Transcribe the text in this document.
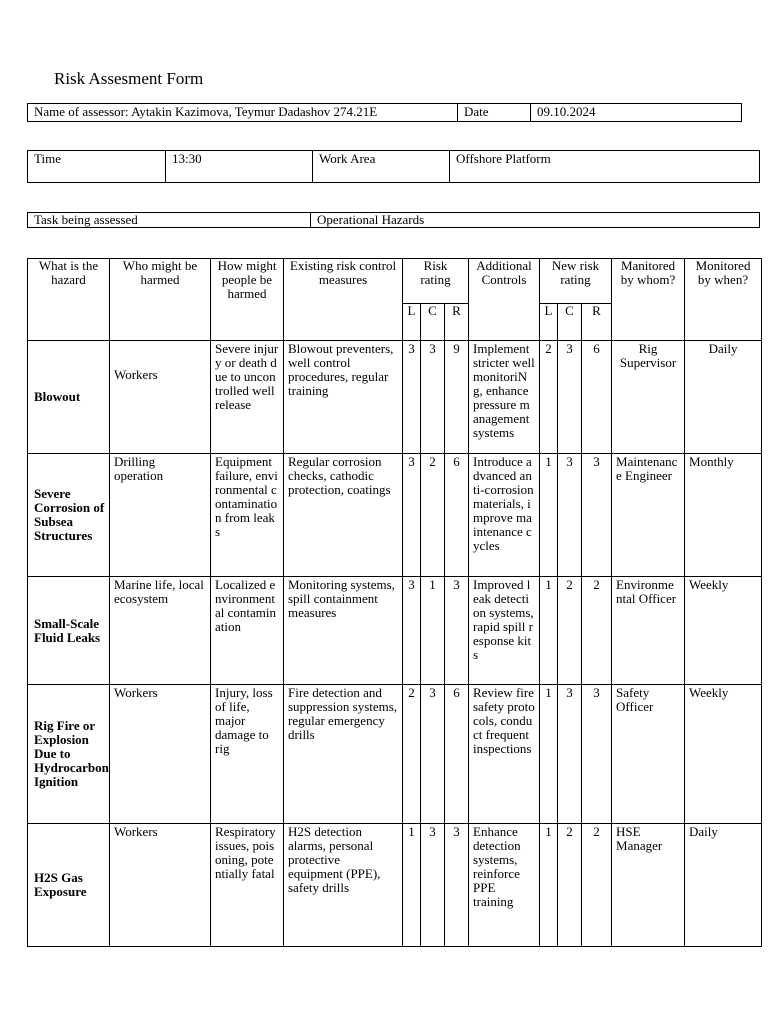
Risk Assesment Form
Name of assessor: Aytakin Kazimova, Teymur Dadashov 274.21E	Date	09.10.2024
Time	13:30	Work Area	Offshore Platform
Task being assessed	Operational Hazards
What is the hazard	Who might be harmed	How might people be harmed	Existing risk control measures	Risk rating			Additional Controls	New risk rating			Manitored by whom?	Monitored by when?
				L	C	R		L	C	R		
Blowout	Workers	Severe injury or death due to uncontrolled well release	Blowout preventers, well control procedures, regular training	3	3	9	Implement stricter well monitoriNg, enhance pressure management systems	2	3	6	Rig Supervisor	Daily
Severe Corrosion of Subsea Structures	Drilling operation	Equipment failure, environmental contamination from leaks	Regular corrosion checks, cathodic protection, coatings	3	2	6	Introduce advanced anti-corrosion materials, improve maintenance cycles	1	3	3	Maintenance Engineer	Monthly
Small-Scale Fluid Leaks	Marine life, local ecosystem	Localized environmental contamination	Monitoring systems, spill containment measures	3	1	3	Improved leak detection systems, rapid spill response kits	1	2	2	Environmental Officer	Weekly
Rig Fire or Explosion Due to Hydrocarbon Ignition	Workers	Injury, loss of life, major damage to rig	Fire detection and suppression systems, regular emergency drills	2	3	6	Review fire safety protocols, conduct frequent inspections	1	3	3	Safety Officer	Weekly
H2S Gas Exposure	Workers	Respiratory issues, poisoning, potentially fatal	H2S detection alarms, personal protective equipment (PPE), safety drills	1	3	3	Enhance detection systems, reinforce PPE training	1	2	2	HSE Manager	Daily
